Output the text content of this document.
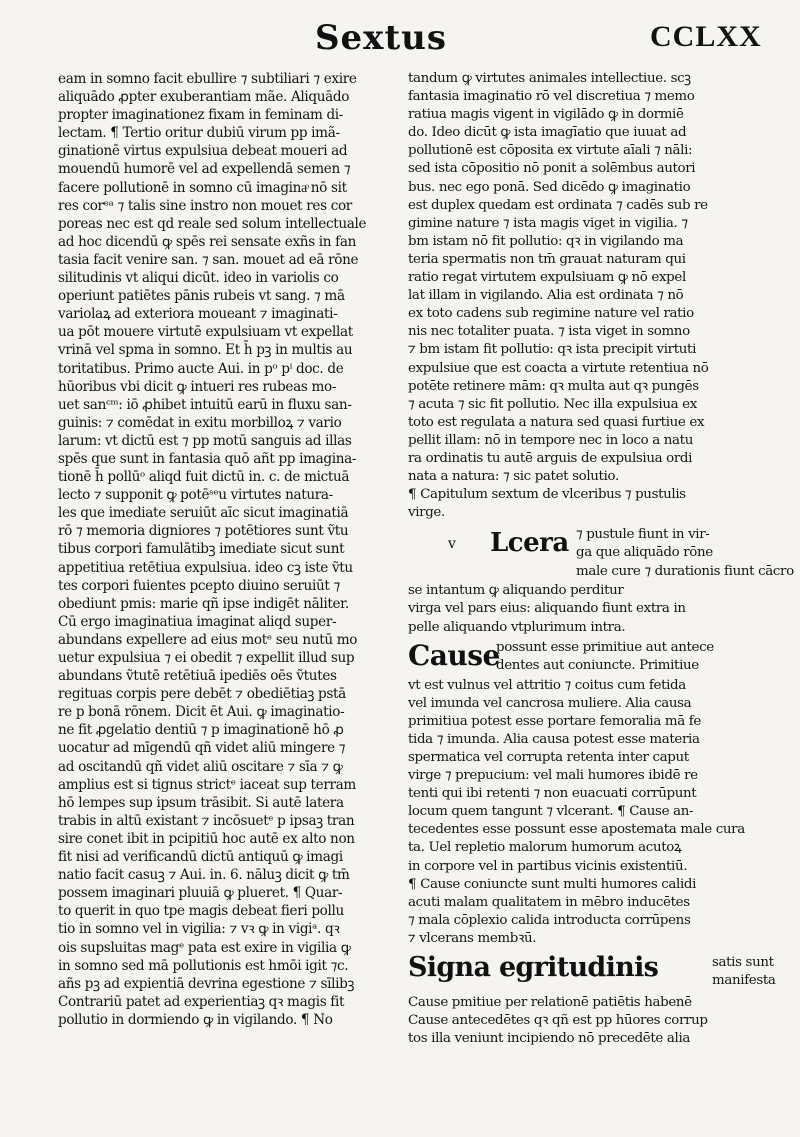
Sextus	CCLXX
eam in somno facit ebullire ⁊ subtiliari ⁊ exire
aliquādo ꝓpter exuberantiam mãe. Aliquādo
propter imaginationez fixam in feminam di-
lectam. ¶ Tertio oritur dubiū virum pp imã-
ginationē virtus expulsiua debeat moueri ad
mouendū humorē vel ad expellendā semen ⁊
facere pollutionē in somno cū imaginaͦ nō sit
res corᵉᵃ ⁊ talis sine instro non mouet res cor
poreas nec est qd reale sed solum intellectuale
ad hoc dicendū ꝙ spēs rei sensate exñs in fan
tasia facit venire san. ⁊ san. mouet ad eā rōne
silitudinis vt aliqui dicūt. ideo in variolis co
operiunt patiētes pānis rubeis vt sang. ⁊ mā
variolaꝝ ad exteriora moueant ⁊ imaginati-
ua pōt mouere virtutē expulsiuam vt expellat
vrinā vel spma in somno. Et h̄ pꝫ in multis au
toritatibus. Primo aucte Aui. in pᵒ pⁱ doc. de
hūoribus vbi dicit ꝙ intueri res rubeas mo-
uet sanᶜᵐ: iō ꝓhibet intuitū earū in fluxu san-
guinis: ⁊ comēdat in exitu morbilloꝝ ⁊ vario
larum: vt dictū est ⁊ pp motū sanguis ad illas
spēs que sunt in fantasia quō añt pp imagina-
tionē h̄ pollūᵒ aliqd fuit dictū in. c. de mictuā
lecto ⁊ supponit ꝙ potēˢᵉu virtutes natura-
les que imediate seruiūt aīc sicut imaginatiā
rō ⁊ memoria digniores ⁊ potētiores sunt ṽtu
tibus corpori famulātibꝫ imediate sicut sunt
appetitiua retētiua expulsiua. ideo cꝫ iste ṽtu
tes corpori fuientes pcepto diuino seruiūt ⁊
obediunt pmis: marie qñ ipse indigēt nāliter.
Cū ergo imaginatiua imaginat aliqd super-
abundans expellere ad eius motᵉ seu nutū mo
uetur expulsiua ⁊ ei obedit ⁊ expellit illud sup
abundans ṽtutē retētiuā ipediēs oēs ṽtutes
regituas corpis pere debēt ⁊ obediētiaꝫ pstā
re p bonā rōnem. Dicit ēt Aui. ꝙ imaginatio-
ne fit ꝓgelatio dentiū ⁊ p imaginationē hō ꝓ
uocatur ad mīgendū qñ videt aliū mingere ⁊
ad oscitandū qñ videt aliū oscitare ⁊ sīa ⁊ ꝙ
amplius est si tignus strictᵉ iaceat sup terram
hō lempes sup ipsum trāsibit. Si autē latera
trabis in altū existant ⁊ incōsuetᵉ p ipsaꝫ tran
sire conet ibit in pcipitiū hoc autē ex alto non
fit nisi ad verificandū dictū antiquū ꝙ imagi
natio facit casuꝫ ⁊ Aui. in. 6. nāluꝫ dicit ꝙ tm̄
possem imaginari pluuiā ꝙ plueret. ¶ Quar-
to querit in quo tpe magis debeat fieri pollu
tio in somno vel in vigilia: ⁊ vꝛ ꝙ in vigiᵃ. qꝛ
ois supsluitas magᵉ pata est exire in vigilia ꝙ
in somno sed mā pollutionis est hmōi igit ⁊c.
añs pꝫ ad expientiā devrina egestione ⁊ sīlibꝫ
Contrariū patet ad experientiaꝫ qꝛ magis fit
pollutio in dormiendo ꝙ in vigilando. ¶ No
tandum ꝙ virtutes animales intellectiue. scꝫ
fantasia imaginatio rō vel discretiua ⁊ memo
ratiua magis vigent in vigilādo ꝙ in dormiē
do. Ideo dicūt ꝙ ista imagīatio que iuuat ad
pollutionē est cōposita ex virtute aīali ⁊ nāli:
sed ista cōpositio nō ponit a solēmbus autori
bus. nec ego ponā. Sed dicēdo ꝙ imaginatio
est duplex quedam est ordinata ⁊ cadēs sub re
gimine nature ⁊ ista magis viget in vigilia. ⁊
bm istam nō fit pollutio: qꝛ in vigilando ma
teria spermatis non tm̄ grauat naturam qui
ratio regat virtutem expulsiuam ꝙ nō expel
lat illam in vigilando. Alia est ordinata ⁊ nō
ex toto cadens sub regimine nature vel ratio
nis nec totaliter puata. ⁊ ista viget in somno
⁊ bm istam fit pollutio: qꝛ ista precipit virtuti
expulsiue que est coacta a virtute retentiua nō
potēte retinere mām: qꝛ multa aut qꝛ pungēs
⁊ acuta ⁊ sic fit pollutio. Nec illa expulsiua ex
toto est regulata a natura sed quasi furtiue ex
pellit illam: nō in tempore nec in loco a natu
ra ordinatis tu autē arguis de expulsiua ordi
nata a natura: ⁊ sic patet solutio.
¶ Capitulum sextum de vlceribus ⁊ pustulis
virge.
v Lcera ⁊ pustule fiunt in vir-
ga que aliquādo rōne
male cure ⁊ durationis fiunt cācro
se intantum ꝙ aliquando perditur
virga vel pars eius: aliquando fiunt extra in
pelle aliquando vtplurimum intra.
Cause
possunt esse primitiue aut antece
dentes aut coniuncte. Primitiue
vt est vulnus vel attritio ⁊ coitus cum fetida
vel imunda vel cancrosa muliere. Alia causa
primitiua potest esse portare femoralia mā fe
tida ⁊ imunda. Alia causa potest esse materia
spermatica vel corrupta retenta inter caput
virge ⁊ prepucium: vel mali humores ibidē re
tenti qui ibi retenti ⁊ non euacuati corrūpunt
locum quem tangunt ⁊ vlcerant. ¶ Cause an-
tecedentes esse possunt esse apostemata male cura
ta. Uel repletio malorum humorum acutoꝝ
in corpore vel in partibus vicinis existentiū.
¶ Cause coniuncte sunt multi humores calidi
acuti malam qualitatem in mēbro inducētes
⁊ mala cōplexio calida introducta corrūpens
⁊ vlcerans membꝛū.
Signa egritudinis	satis sunt
manifesta
Cause pmitiue per relationē patiētis habenē
Cause antecedētes qꝛ qñ est pp hūores corrup
tos illa veniunt incipiendo nō precedēte alia
